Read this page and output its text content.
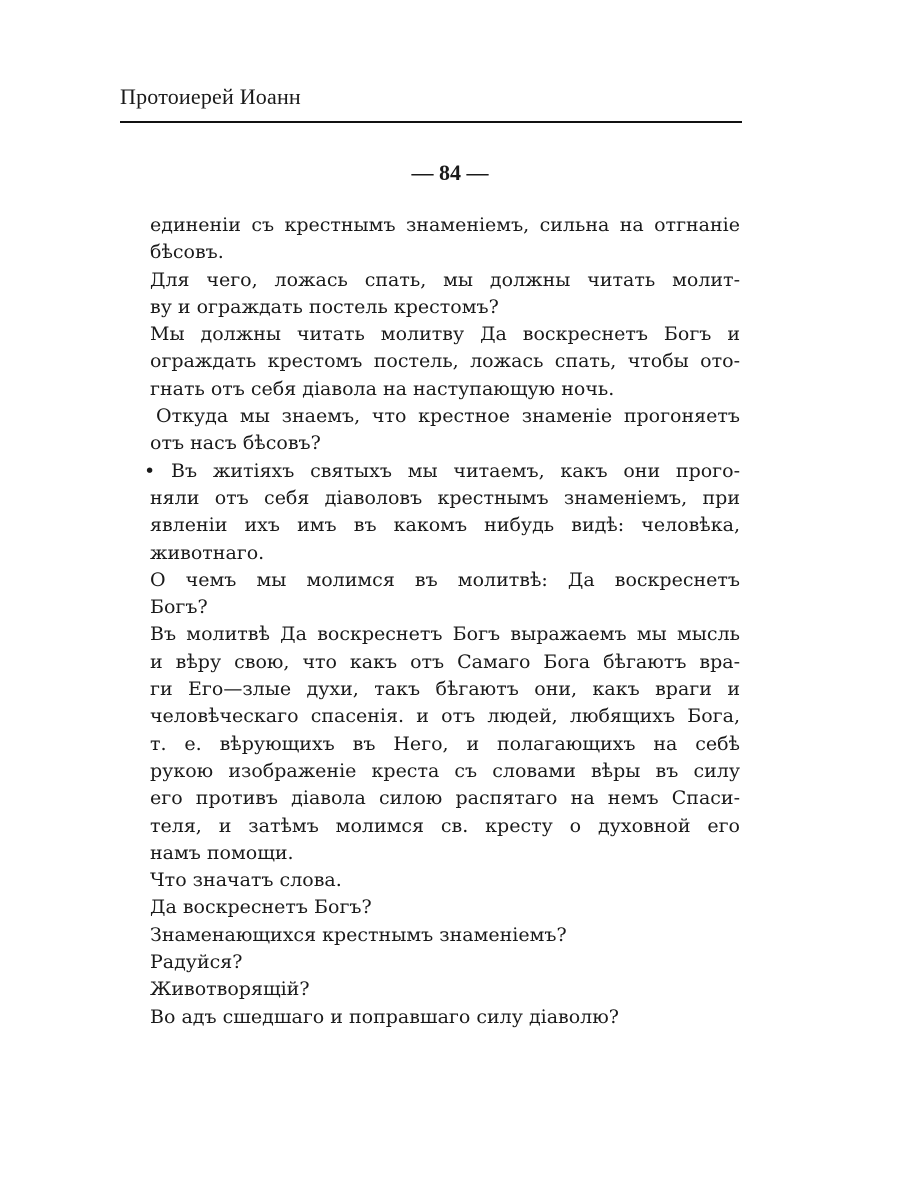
Протоиерей Иоанн
— 84 —
единеніи съ крестнымъ знаменіемъ, сильна на отгнаніе
бѣсовъ.
Для чего, ложась спать, мы должны читать молит-
ву и ограждать постель крестомъ?
Мы должны читать молитву Да воскреснетъ Богъ и
ограждать крестомъ постель, ложась спать, чтобы ото-
гнать отъ себя діавола на наступающую ночь.
Откуда мы знаемъ, что крестное знаменіе прогоняетъ
отъ насъ бѣсовъ?
• Въ житіяхъ святыхъ мы читаемъ, какъ они прого-
няли отъ себя діаволовъ крестнымъ знаменіемъ, при
явленіи ихъ имъ въ какомъ нибудь видѣ: человѣка,
животнаго.
О чемъ мы молимся въ молитвѣ: Да воскреснетъ
Богъ?
Въ молитвѣ Да воскреснетъ Богъ выражаемъ мы мысль
и вѣру свою, что какъ отъ Самаго Бога бѣгаютъ вра-
ги Его—злые духи, такъ бѣгаютъ они, какъ враги и
человѣческаго спасенія. и отъ людей, любящихъ Бога,
т. е. вѣрующихъ въ Него, и полагающихъ на себѣ
рукою изображеніе креста съ словами вѣры въ силу
его противъ діавола силою распятаго на немъ Спаси-
теля, и затѣмъ молимся св. кресту о духовной его
намъ помощи.
Что значатъ слова.
Да воскреснетъ Богъ?
Знаменающихся крестнымъ знаменіемъ?
Радуйся?
Животворящій?
Во адъ сшедшаго и поправшаго силу діаволю?
